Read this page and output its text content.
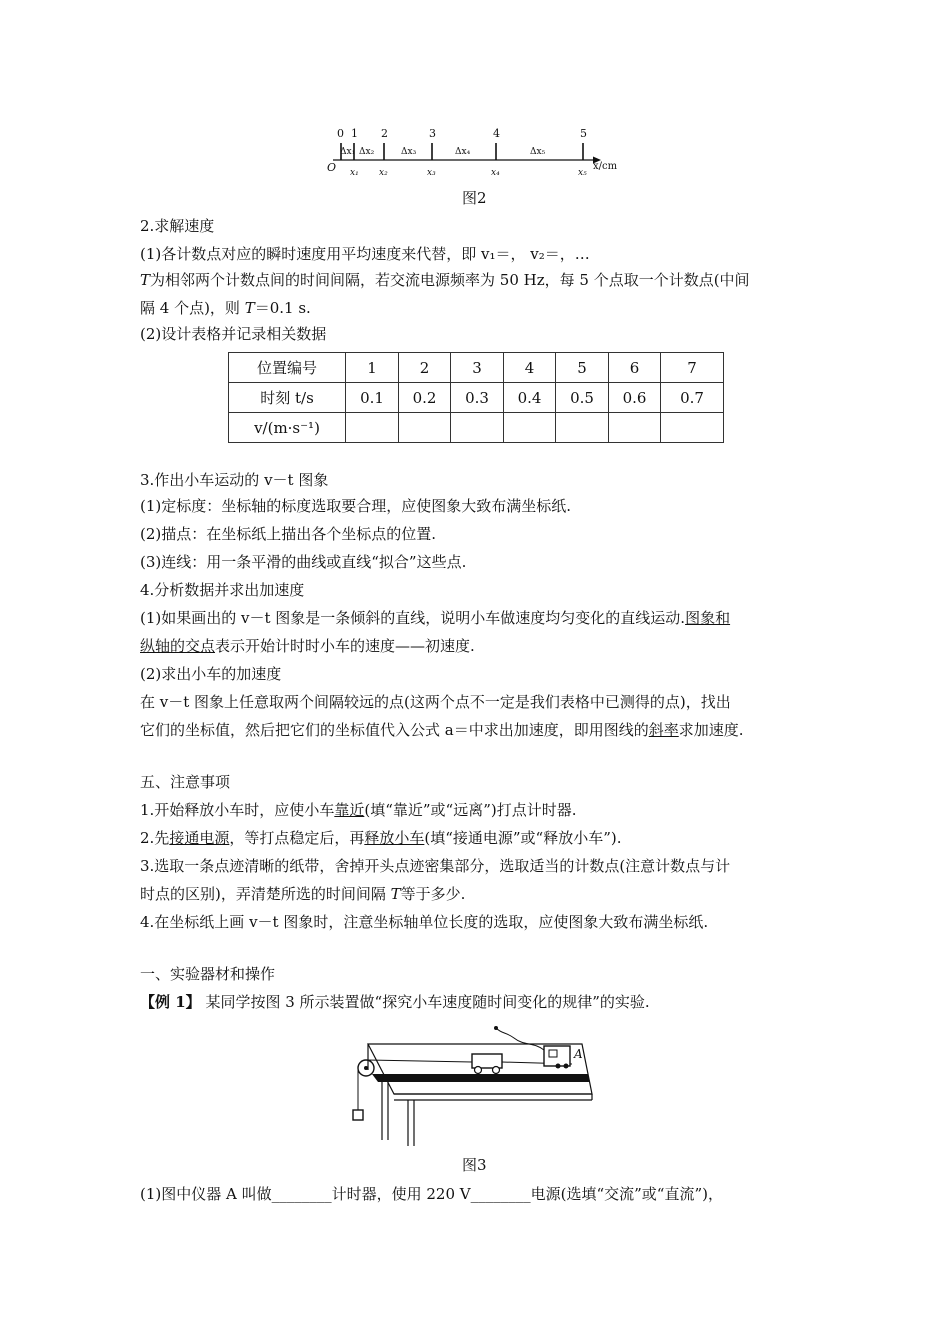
0 1 2	3	4	5
Δx₁ Δx₂	Δx₃	Δx₄	Δx₅
O x₁ x₂	x₃	x₄	x₅
x/cm
图2
2.求解速度
(1)各计数点对应的瞬时速度用平均速度来代替，即 v₁＝， v₂＝，…
T为相邻两个计数点间的时间间隔，若交流电源频率为 50 Hz，每 5 个点取一个计数点(中间
隔 4 个点)，则 T＝0.1 s.
(2)设计表格并记录相关数据
位置编号	1	2	3	4	5	6	7
时刻 t/s	0.1	0.2	0.3	0.4	0.5	0.6	0.7
v/(m·s⁻¹)							
3.作出小车运动的 v－t 图象
(1)定标度：坐标轴的标度选取要合理，应使图象大致布满坐标纸.
(2)描点：在坐标纸上描出各个坐标点的位置.
(3)连线：用一条平滑的曲线或直线“拟合”这些点.
4.分析数据并求出加速度
(1)如果画出的 v－t 图象是一条倾斜的直线，说明小车做速度均匀变化的直线运动.图象和
纵轴的交点表示开始计时时小车的速度——初速度.
(2)求出小车的加速度
在 v－t 图象上任意取两个间隔较远的点(这两个点不一定是我们表格中已测得的点)，找出
它们的坐标值，然后把它们的坐标值代入公式 a＝中求出加速度，即用图线的斜率求加速度.
五、注意事项
1.开始释放小车时，应使小车靠近(填“靠近”或“远离”)打点计时器.
2.先接通电源，等打点稳定后，再释放小车(填“接通电源”或“释放小车”).
3.选取一条点迹清晰的纸带，舍掉开头点迹密集部分，选取适当的计数点(注意计数点与计
时点的区别)，弄清楚所选的时间间隔 T等于多少.
4.在坐标纸上画 v－t 图象时，注意坐标轴单位长度的选取，应使图象大致布满坐标纸.
一、实验器材和操作
【例 1】 某同学按图 3 所示装置做“探究小车速度随时间变化的规律”的实验.
A
图3
(1)图中仪器 A 叫做________计时器，使用 220 V________电源(选填“交流”或“直流”)，
